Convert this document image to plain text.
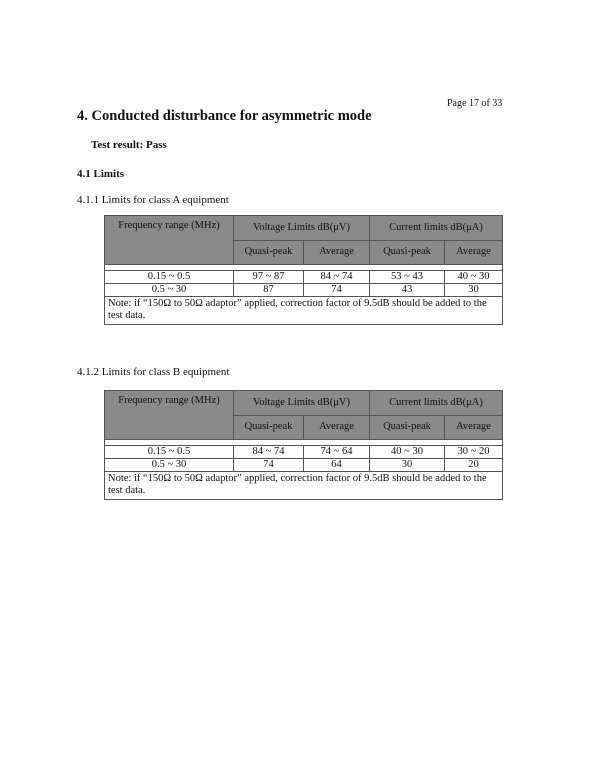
Page 17 of 33
4. Conducted disturbance for asymmetric mode
Test result: Pass
4.1 Limits
4.1.1 Limits for class A equipment
Frequency range (MHz)	Voltage Limits dB(μV)		Current limits dB(μA)	
	Quasi-peak	Average	Quasi-peak	Average

0.15 ~ 0.5	97 ~ 87	84 ~ 74	53 ~ 43	40 ~ 30
0.5 ~ 30	87	74	43	30
Note: if “150Ω to 50Ω adaptor” applied, correction factor of 9.5dB should be added to the test data.				
4.1.2 Limits for class B equipment
Frequency range (MHz)	Voltage Limits dB(μV)		Current limits dB(μA)	
	Quasi-peak	Average	Quasi-peak	Average

0.15 ~ 0.5	84 ~ 74	74 ~ 64	40 ~ 30	30 ~ 20
0.5 ~ 30	74	64	30	20
Note: if “150Ω to 50Ω adaptor” applied, correction factor of 9.5dB should be added to the test data.				
